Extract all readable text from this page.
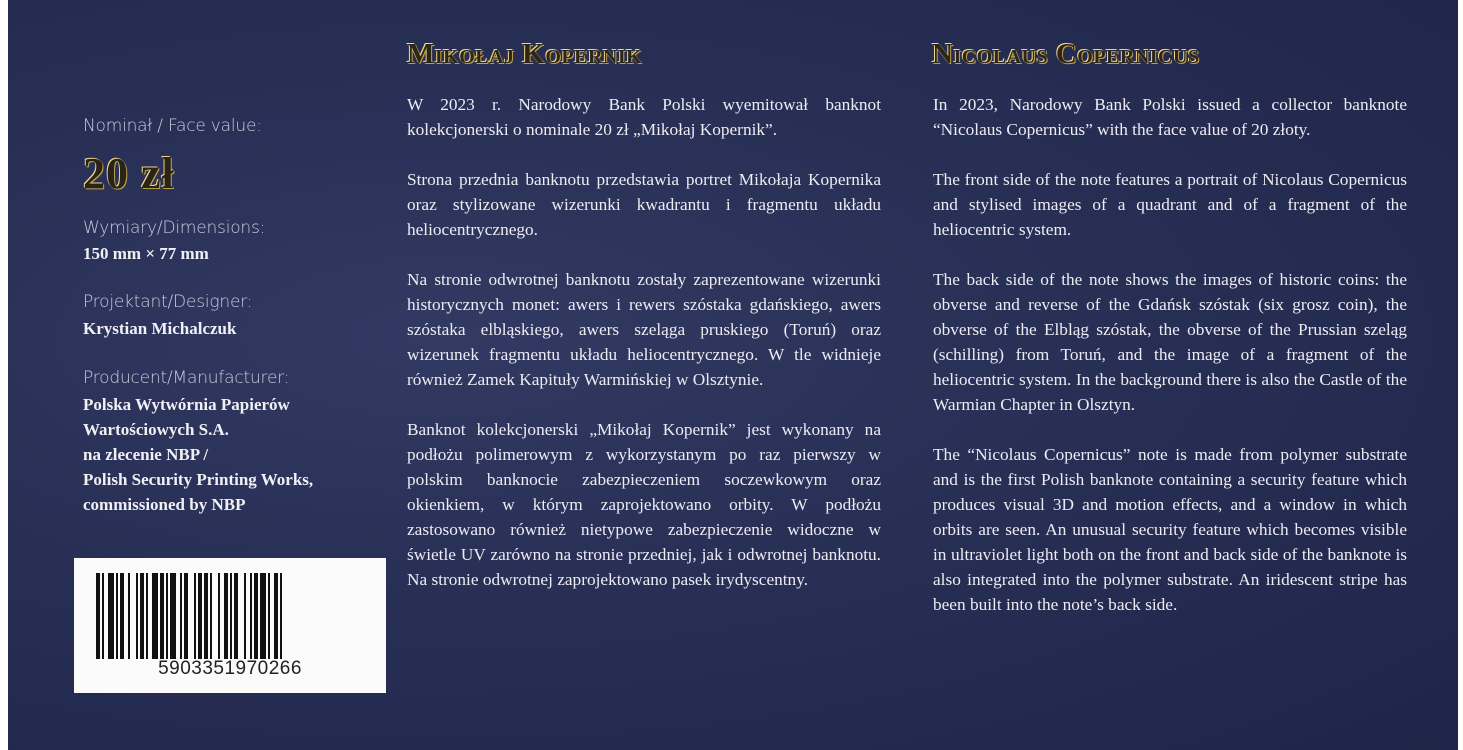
Nominał / Face value:
20 zł
Wymiary/Dimensions:
150 mm × 77 mm
Projektant/Designer:
Krystian Michalczuk
Producent/Manufacturer:
Polska Wytwórnia Papierów
Wartościowych S.A.
na zlecenie NBP /
Polish Security Printing Works,
commissioned by NBP
5903351970266
Mikołaj Kopernik

W 2023 r. Narodowy Bank Polski wyemitował banknot kolekcjonerski o nominale 20 zł „Mikołaj Kopernik”.

Strona przednia banknotu przedstawia portret Mikołaja Kopernika oraz stylizowane wizerunki kwadrantu i fragmentu układu heliocentrycznego.

Na stronie odwrotnej banknotu zostały zaprezentowane wizerunki historycznych monet: awers i rewers szóstaka gdańskiego, awers szóstaka elbląskiego, awers szeląga pruskiego (Toruń) oraz wizerunek fragmentu układu heliocentrycznego. W tle widnieje również Zamek Kapituły Warmińskiej w Olsztynie.

Banknot kolekcjonerski „Mikołaj Kopernik” jest wykonany na podłożu polimerowym z wykorzystanym po raz pierwszy w polskim banknocie zabezpieczeniem soczewkowym oraz okienkiem, w którym zaprojektowano orbity. W podłożu zastosowano również nietypowe zabezpieczenie widoczne w świetle UV zarówno na stronie przedniej, jak i odwrotnej banknotu. Na stronie odwrotnej zaprojektowano pasek irydyscentny.

Nicolaus Copernicus

In 2023, Narodowy Bank Polski issued a collector banknote “Nicolaus Copernicus” with the face value of 20 złoty.

The front side of the note features a portrait of Nicolaus Copernicus and stylised images of a quadrant and of a fragment of the heliocentric system.

The back side of the note shows the images of historic coins: the obverse and reverse of the Gdańsk szóstak (six grosz coin), the obverse of the Elbląg szóstak, the obverse of the Prussian szeląg (schilling) from Toruń, and the image of a fragment of the heliocentric system. In the background there is also the Castle of the Warmian Chapter in Olsztyn.

The “Nicolaus Copernicus” note is made from polymer substrate and is the first Polish banknote containing a security feature which produces visual 3D and motion effects, and a window in which orbits are seen. An unusual security feature which becomes visible in ultraviolet light both on the front and back side of the banknote is also integrated into the polymer substrate. An iridescent stripe has been built into the note’s back side.
